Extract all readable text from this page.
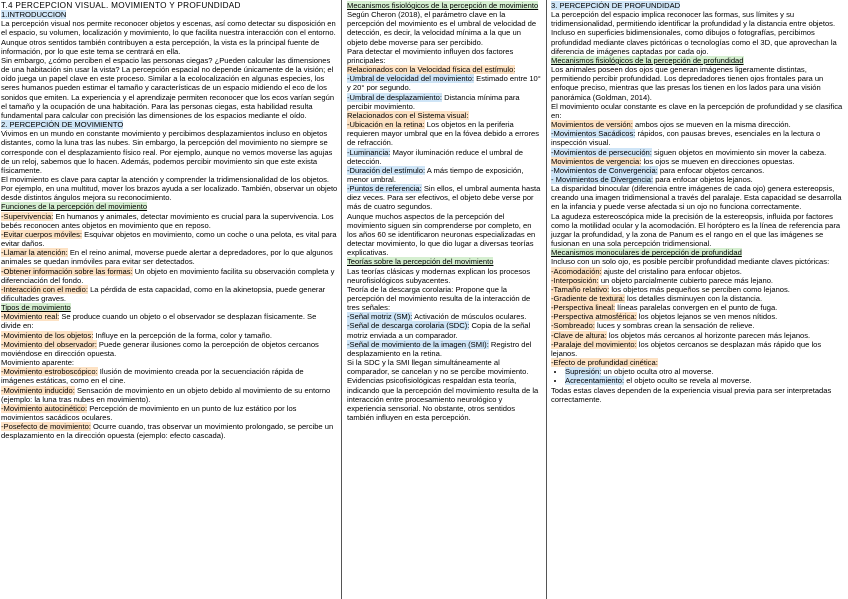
T.4 PERCEPCION VISUAL. MOVIMIENTO Y PROFUNDIDAD

1.INTRODUCCION

La percepción visual nos permite reconocer objetos y escenas, así como detectar su disposición en el espacio, su volumen, localización y movimiento, lo que facilita nuestra interacción con el entorno. Aunque otros sentidos también contribuyen a esta percepción, la vista es la principal fuente de información, por lo que este tema se centrará en ella.

Sin embargo, ¿cómo perciben el espacio las personas ciegas? ¿Pueden calcular las dimensiones de una habitación sin usar la vista? La percepción espacial no depende únicamente de la visión; el oído juega un papel clave en este proceso. Similar a la ecolocalización en algunas especies, los seres humanos pueden estimar el tamaño y características de un espacio midiendo el eco de los sonidos que emiten. La experiencia y el aprendizaje permiten reconocer que los ecos varían según el tamaño y la ocupación de una habitación. Para las personas ciegas, esta habilidad resulta fundamental para calcular con precisión las dimensiones de los espacios mediante el oído.

2. PERCEPCIÓN DE MOVIMIENTO

Vivimos en un mundo en constante movimiento y percibimos desplazamientos incluso en objetos distantes, como la luna tras las nubes. Sin embargo, la percepción del movimiento no siempre se corresponde con el desplazamiento físico real. Por ejemplo, aunque no vemos moverse las agujas de un reloj, sabemos que lo hacen. Además, podemos percibir movimiento sin que este exista físicamente.

El movimiento es clave para captar la atención y comprender la tridimensionalidad de los objetos. Por ejemplo, en una multitud, mover los brazos ayuda a ser localizado. También, observar un objeto desde distintos ángulos mejora su reconocimiento.

Funciones de la percepción del movimiento

-Supervivencia: En humanos y animales, detectar movimiento es crucial para la supervivencia. Los bebés reconocen antes objetos en movimiento que en reposo.

-Evitar cuerpos móviles: Esquivar objetos en movimiento, como un coche o una pelota, es vital para evitar daños.

-Llamar la atención: En el reino animal, moverse puede alertar a depredadores, por lo que algunos animales se quedan inmóviles para evitar ser detectados.

-Obtener información sobre las formas: Un objeto en movimiento facilita su observación completa y diferenciación del fondo.

-Interacción con el medio: La pérdida de esta capacidad, como en la akinetopsia, puede generar dificultades graves.

Tipos de movimiento

-Movimiento real: Se produce cuando un objeto o el observador se desplazan físicamente. Se divide en:

-Movimiento de los objetos: Influye en la percepción de la forma, color y tamaño.

-Movimiento del observador: Puede generar ilusiones como la percepción de objetos cercanos moviéndose en dirección opuesta.

Movimiento aparente:

-Movimiento estroboscópico: Ilusión de movimiento creada por la secuenciación rápida de imágenes estáticas, como en el cine.

-Movimiento inducido: Sensación de movimiento en un objeto debido al movimiento de su entorno (ejemplo: la luna tras nubes en movimiento).

-Movimiento autocinético: Percepción de movimiento en un punto de luz estático por los movimientos sacádicos oculares.

-Posefecto de movimiento: Ocurre cuando, tras observar un movimiento prolongado, se percibe un desplazamiento en la dirección opuesta (ejemplo: efecto cascada).

Mecanismos fisiológicos de la percepción de movimiento

Según Cheron (2018), el parámetro clave en la percepción del movimiento es el umbral de velocidad de detección, es decir, la velocidad mínima a la que un objeto debe moverse para ser percibido.

Para detectar el movimiento influyen dos factores principales:

Relacionados con la Velocidad física del estímulo:

-Umbral de velocidad del movimiento: Estimado entre 10° y 20° por segundo.

-Umbral de desplazamiento: Distancia mínima para percibir movimiento.

Relacionados con el Sistema visual:

-Ubicación en la retina: Los objetos en la periferia requieren mayor umbral que en la fóvea debido a errores de refracción.

-Luminancia: Mayor iluminación reduce el umbral de detección.

-Duración del estímulo: A más tiempo de exposición, menor umbral.

-Puntos de referencia: Sin ellos, el umbral aumenta hasta diez veces. Para ser efectivos, el objeto debe verse por más de cuatro segundos.

Aunque muchos aspectos de la percepción del movimiento siguen sin comprenderse por completo, en los años 60 se identificaron neuronas especializadas en detectar movimiento, lo que dio lugar a diversas teorías explicativas.

Teorías sobre la percepción del movimiento

Las teorías clásicas y modernas explican los procesos neurofisiológicos subyacentes.

Teoría de la descarga corolaria: Propone que la percepción del movimiento resulta de la interacción de tres señales:

-Señal motriz (SM): Activación de músculos oculares.

-Señal de descarga corolaria (SDC): Copia de la señal motriz enviada a un comparador.

-Señal de movimiento de la imagen (SMI): Registro del desplazamiento en la retina.

Si la SDC y la SMI llegan simultáneamente al comparador, se cancelan y no se percibe movimiento.

Evidencias psicofisiológicas respaldan esta teoría, indicando que la percepción del movimiento resulta de la interacción entre procesamiento neurológico y experiencia sensorial. No obstante, otros sentidos también influyen en esta percepción.

3. PERCEPCIÓN DE PROFUNDIDAD

La percepción del espacio implica reconocer las formas, sus límites y su tridimensionalidad, permitiendo identificar la profundidad y la distancia entre objetos. Incluso en superficies bidimensionales, como dibujos o fotografías, percibimos profundidad mediante claves pictóricas o tecnologías como el 3D, que aprovechan la diferencia de imágenes captadas por cada ojo.

Mecanismos fisiológicos de la percepción de profundidad

Los animales poseen dos ojos que generan imágenes ligeramente distintas, permitiendo percibir profundidad. Los depredadores tienen ojos frontales para un enfoque preciso, mientras que las presas los tienen en los lados para una visión panorámica (Goldman, 2014).

El movimiento ocular constante es clave en la percepción de profundidad y se clasifica en:

Movimientos de versión: ambos ojos se mueven en la misma dirección.

-Movimientos Sacádicos: rápidos, con pausas breves, esenciales en la lectura o inspección visual.

-Movimientos de persecución: siguen objetos en movimiento sin mover la cabeza.

Movimientos de vergencia: los ojos se mueven en direcciones opuestas.

-Movimientos de Convergencia: para enfocar objetos cercanos.

- Movimientos de Divergencia: para enfocar objetos lejanos.

La disparidad binocular (diferencia entre imágenes de cada ojo) genera estereopsis, creando una imagen tridimensional a través del paralaje. Esta capacidad se desarrolla en la infancia y puede verse afectada si un ojo no funciona correctamente.

La agudeza estereoscópica mide la precisión de la estereopsis, influida por factores como la motilidad ocular y la acomodación. El horóptero es la línea de referencia para juzgar la profundidad, y la zona de Panum es el rango en el que las imágenes se fusionan en una sola percepción tridimensional.

Mecanismos monoculares de percepción de profundidad

Incluso con un solo ojo, es posible percibir profundidad mediante claves pictóricas:

-Acomodación: ajuste del cristalino para enfocar objetos.

-Interposición: un objeto parcialmente cubierto parece más lejano.

-Tamaño relativo: los objetos más pequeños se perciben como lejanos.

-Gradiente de textura: los detalles disminuyen con la distancia.

-Perspectiva lineal: líneas paralelas convergen en el punto de fuga.

-Perspectiva atmosférica: los objetos lejanos se ven menos nítidos.

-Sombreado: luces y sombras crean la sensación de relieve.

-Clave de altura: los objetos más cercanos al horizonte parecen más lejanos.

-Paralaje del movimiento: los objetos cercanos se desplazan más rápido que los lejanos.

-Efecto de profundidad cinética:

• Supresión: un objeto oculta otro al moverse.
• Acrecentamiento: el objeto oculto se revela al moverse.

Todas estas claves dependen de la experiencia visual previa para ser interpretadas correctamente.
